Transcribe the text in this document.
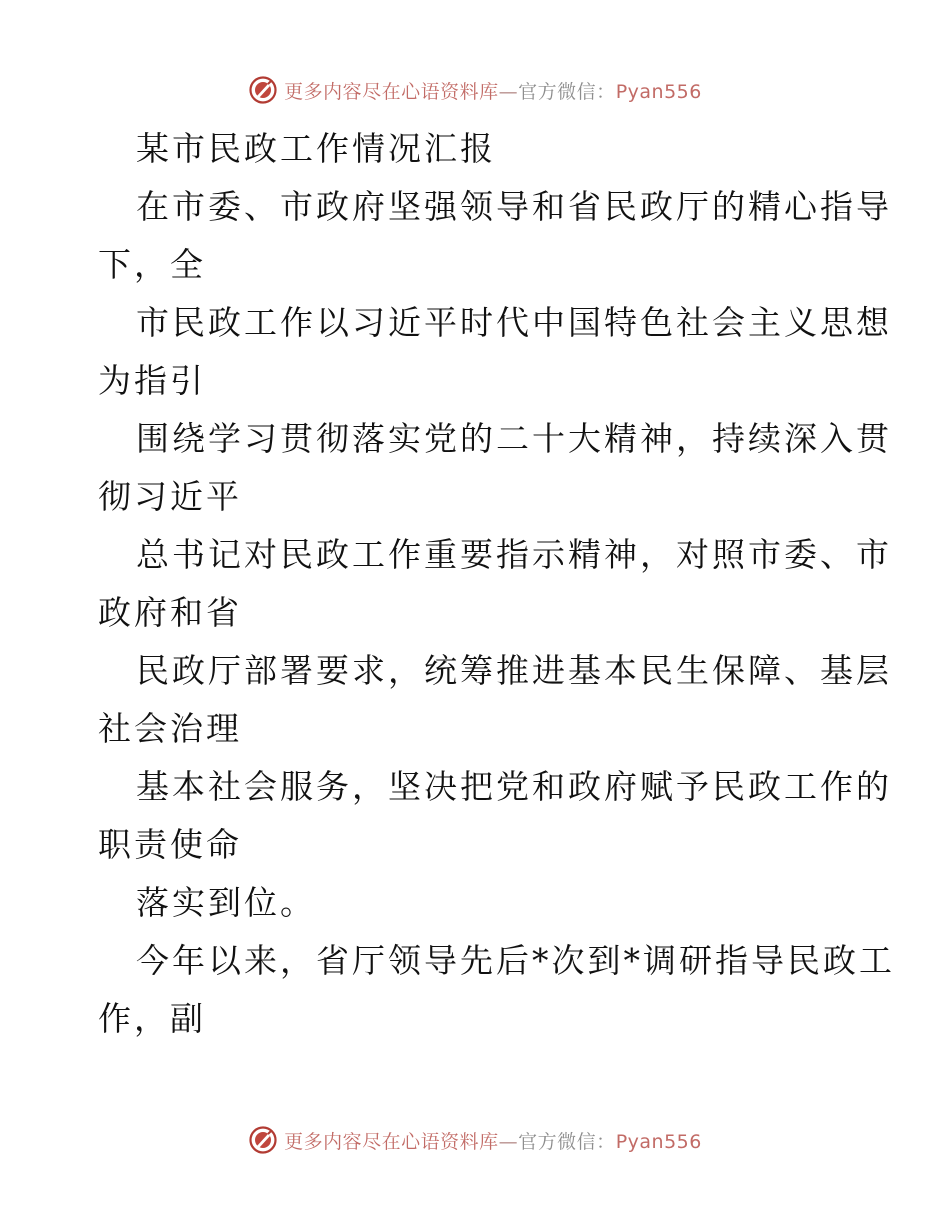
更多内容尽在心语资料库—官方微信：Pyan556
某市民政工作情况汇报
在市委、市政府坚强领导和省民政厅的精心指导
下，全
市民政工作以习近平时代中国特色社会主义思想
为指引
围绕学习贯彻落实党的二十大精神，持续深入贯
彻习近平
总书记对民政工作重要指示精神，对照市委、市
政府和省
民政厅部署要求，统筹推进基本民生保障、基层
社会治理
基本社会服务，坚决把党和政府赋予民政工作的
职责使命
落实到位。
今年以来，省厅领导先后*次到*调研指导民政工
作，副
更多内容尽在心语资料库—官方微信：Pyan556
